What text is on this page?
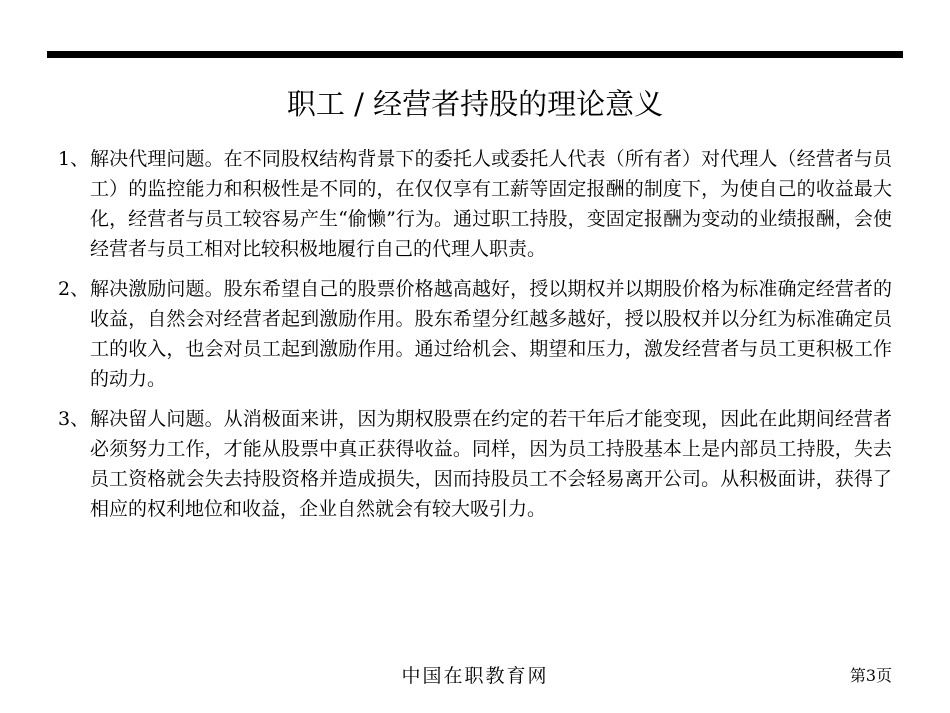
职工 / 经营者持股的理论意义
1、 解决代理问题。在不同股权结构背景下的委托人或委托人代表（所有者）对代理人（经营者与员工）的监控能力和积极性是不同的，在仅仅享有工薪等固定报酬的制度下，为使自己的收益最大化，经营者与员工较容易产生“偷懒”行为。通过职工持股，变固定报酬为变动的业绩报酬，会使经营者与员工相对比较积极地履行自己的代理人职责。
2、 解决激励问题。股东希望自己的股票价格越高越好，授以期权并以期股价格为标准确定经营者的收益，自然会对经营者起到激励作用。股东希望分红越多越好，授以股权并以分红为标准确定员工的收入，也会对员工起到激励作用。通过给机会、期望和压力，激发经营者与员工更积极工作的动力。
3、 解决留人问题。从消极面来讲，因为期权股票在约定的若干年后才能变现，因此在此期间经营者必须努力工作，才能从股票中真正获得收益。同样，因为员工持股基本上是内部员工持股，失去员工资格就会失去持股资格并造成损失，因而持股员工不会轻易离开公司。从积极面讲，获得了相应的权利地位和收益，企业自然就会有较大吸引力。
中国在职教育网	第3页
